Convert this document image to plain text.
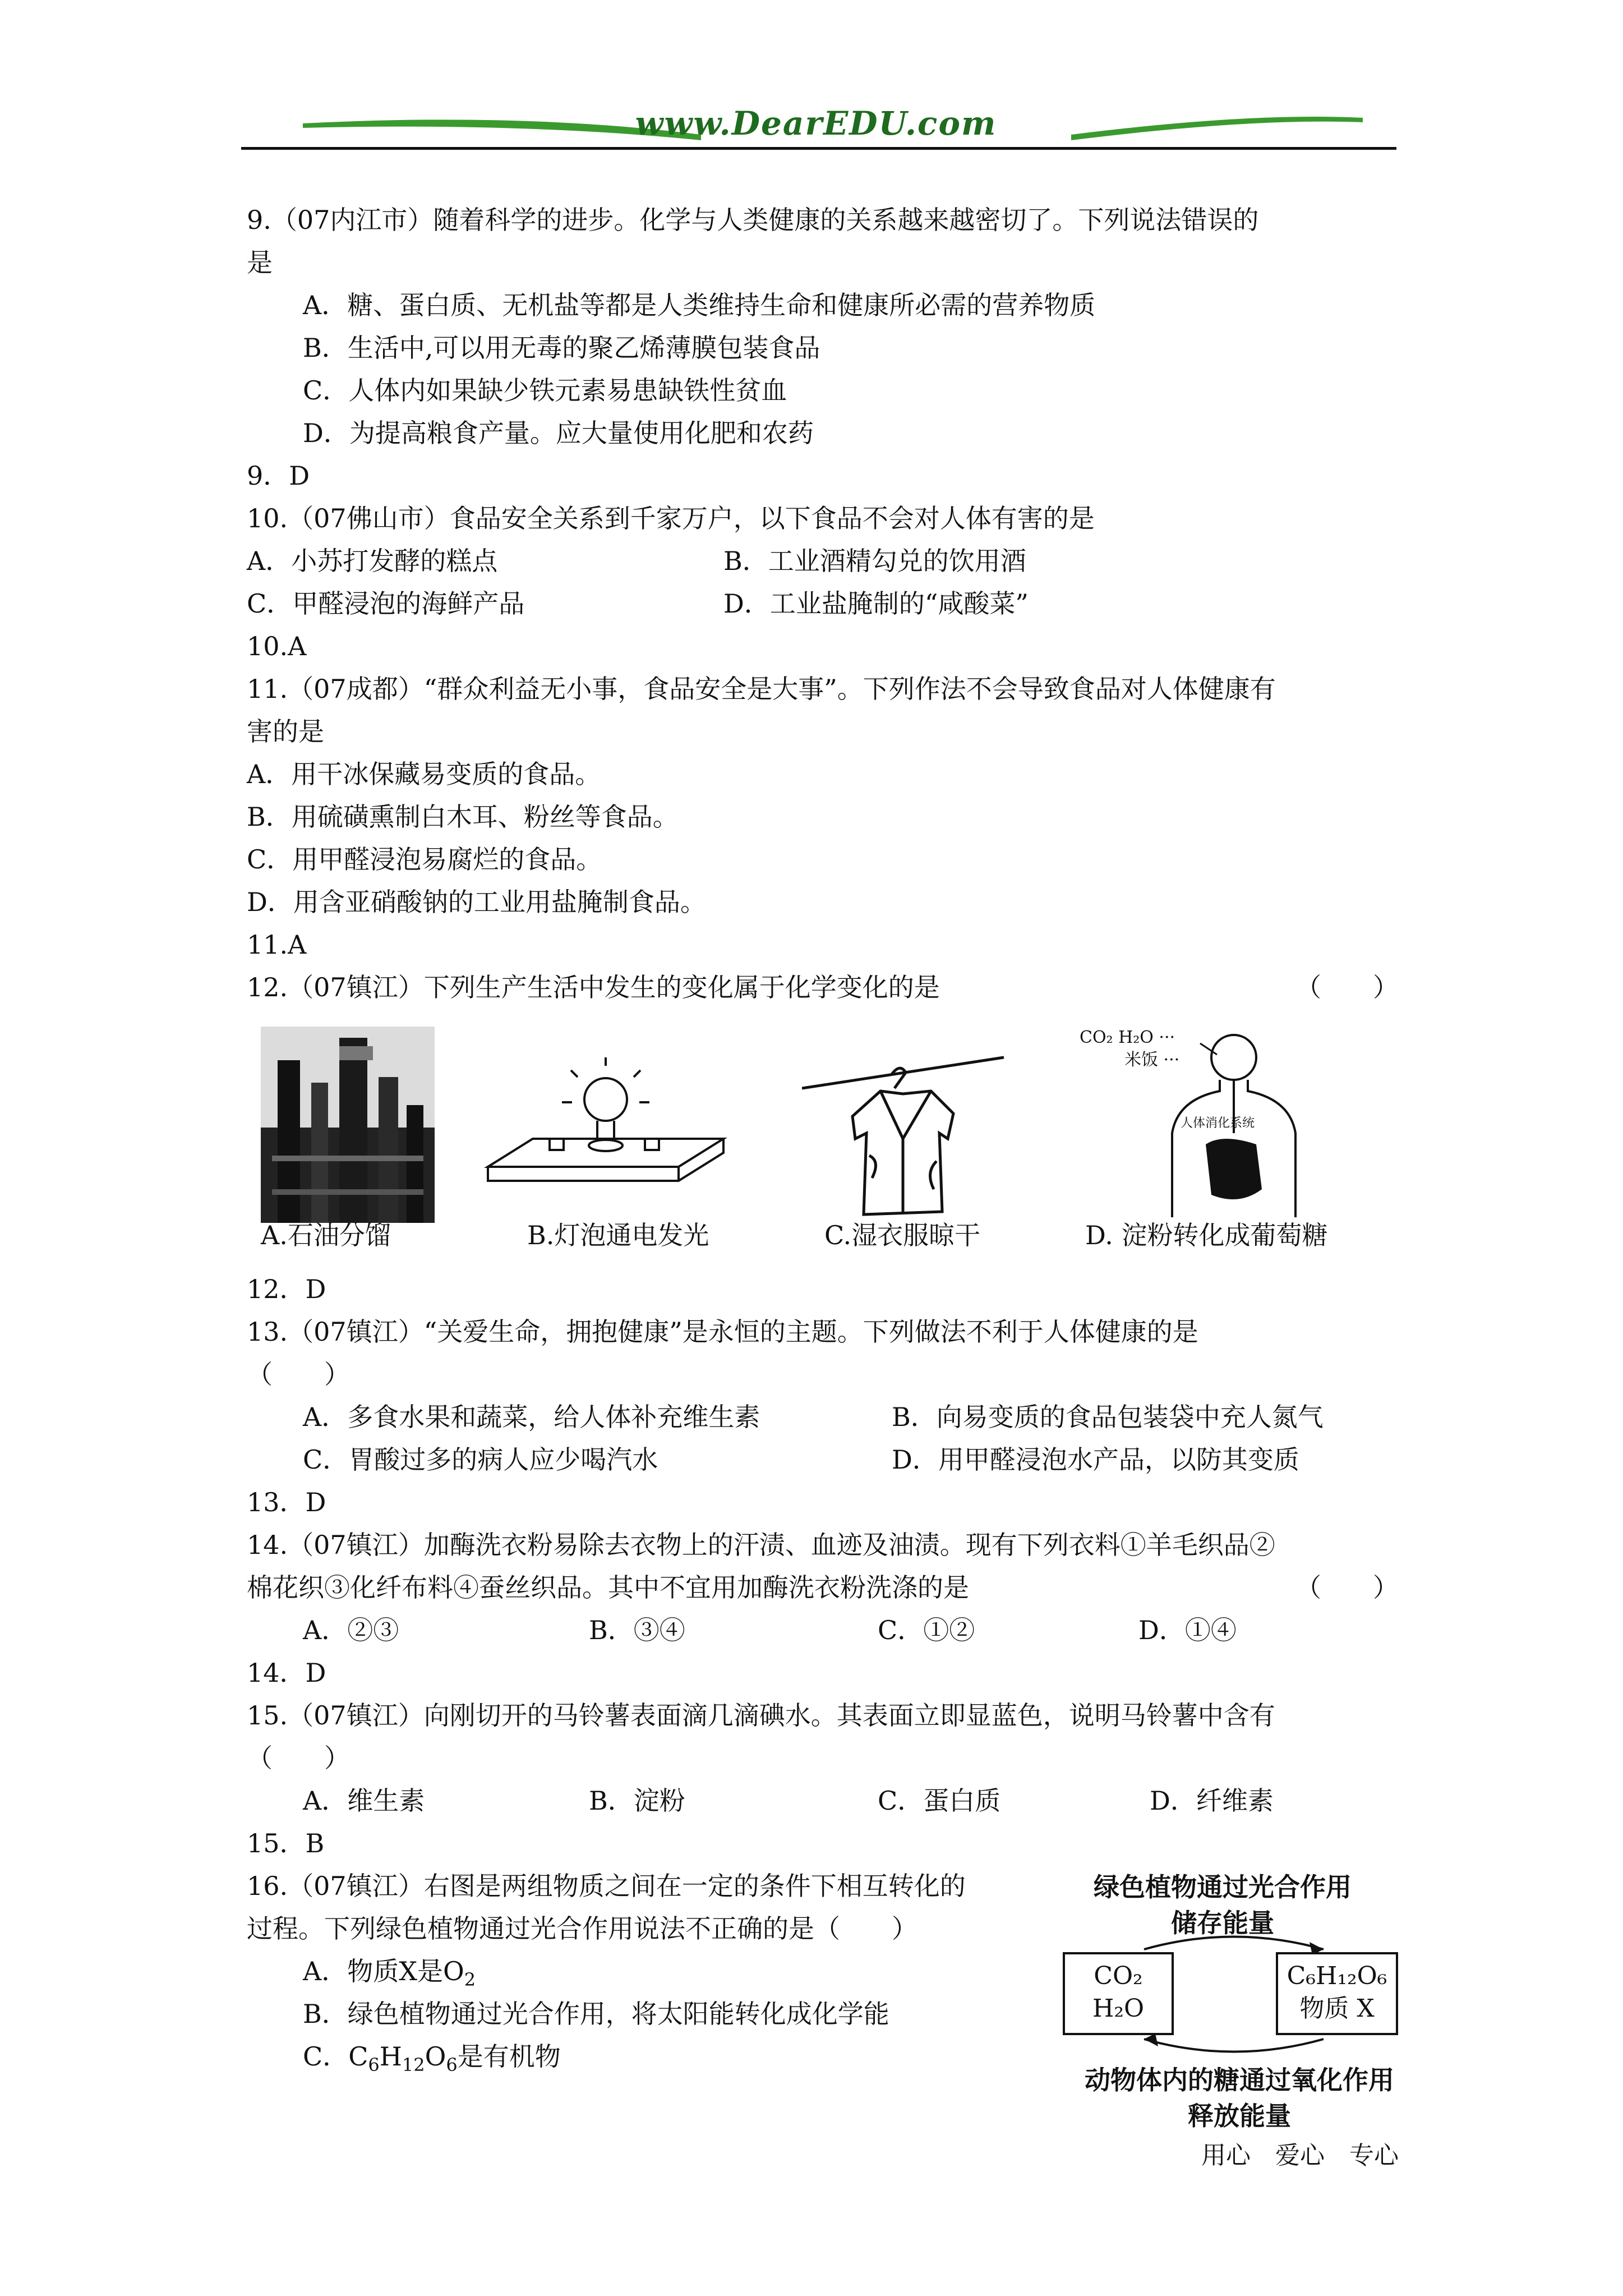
www.DearEDU.com
9.（07内江市）随着科学的进步。化学与人类健康的关系越来越密切了。下列说法错误的
是
A．糖、蛋白质、无机盐等都是人类维持生命和健康所必需的营养物质
B．生活中,可以用无毒的聚乙烯薄膜包装食品
C．人体内如果缺少铁元素易患缺铁性贫血
D．为提高粮食产量。应大量使用化肥和农药
9．D
10.（07佛山市）食品安全关系到千家万户，以下食品不会对人体有害的是
A．小苏打发酵的糕点	B．工业酒精勾兑的饮用酒
C．甲醛浸泡的海鲜产品	D．工业盐腌制的“咸酸菜”
10.A
11.（07成都）“群众利益无小事，食品安全是大事”。下列作法不会导致食品对人体健康有
害的是
A．用干冰保藏易变质的食品。
B．用硫磺熏制白木耳、粉丝等食品。
C．用甲醛浸泡易腐烂的食品。
D．用含亚硝酸钠的工业用盐腌制食品。
11.A
12.（07镇江）下列生产生活中发生的变化属于化学变化的是	（　　）
A.石油分馏	B.灯泡通电发光	C.湿衣服晾干
CO₂ H₂O ···
米饭 ···
人体消化系统
D. 淀粉转化成葡萄糖
12．D
13.（07镇江）“关爱生命，拥抱健康”是永恒的主题。下列做法不利于人体健康的是
（　　）
A．多食水果和蔬菜，给人体补充维生素	B．向易变质的食品包装袋中充人氮气
C．胃酸过多的病人应少喝汽水	D．用甲醛浸泡水产品，以防其变质
13．D
14.（07镇江）加酶洗衣粉易除去衣物上的汗渍、血迹及油渍。现有下列衣料①羊毛织品②
棉花织③化纤布料④蚕丝织品。其中不宜用加酶洗衣粉洗涤的是	（　　）
A．②③	B．③④	C．①②	D．①④
14．D
15.（07镇江）向刚切开的马铃薯表面滴几滴碘水。其表面立即显蓝色，说明马铃薯中含有
（　　）
A．维生素	B．淀粉	C．蛋白质	D．纤维素
15．B
16.（07镇江）右图是两组物质之间在一定的条件下相互转化的
过程。下列绿色植物通过光合作用说法不正确的是（　　）
A．物质X是$O_2$
B．绿色植物通过光合作用，将太阳能转化成化学能
C．$C_6H_{12}O_6$是有机物
绿色植物通过光合作用
储存能量
CO₂
H₂O
C₆H₁₂O₆
物质 X
动物体内的糖通过氧化作用
释放能量
用心　爱心　专心
